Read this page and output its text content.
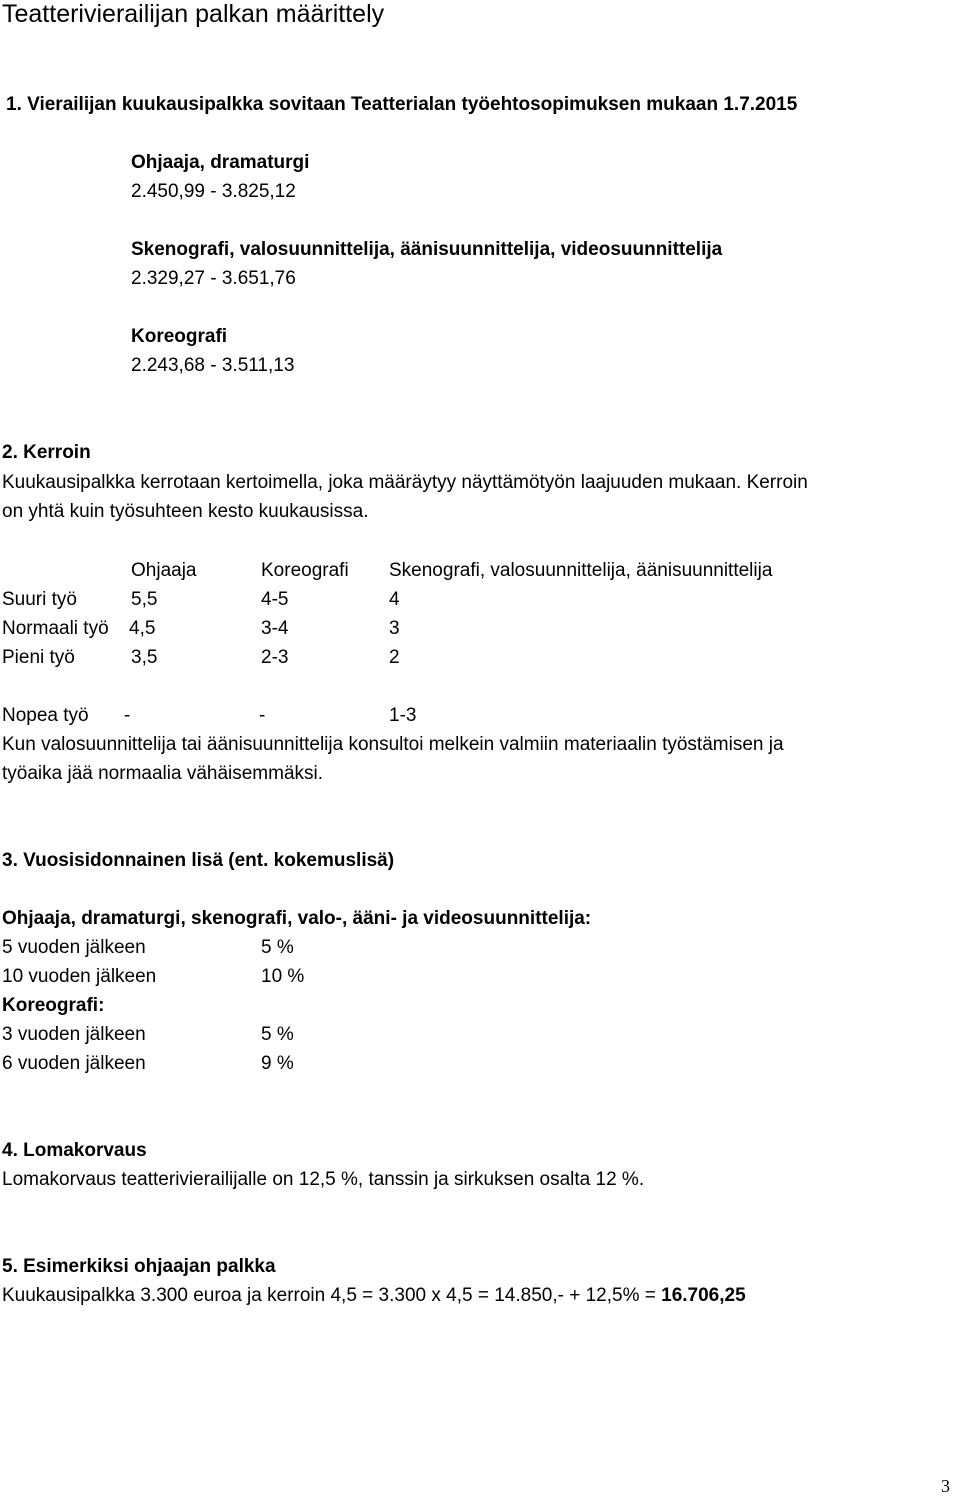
Teatterivierailijan palkan määrittely
1. Vierailijan kuukausipalkka sovitaan Teatterialan työehtosopimuksen mukaan 1.7.2015
Ohjaaja, dramaturgi
2.450,99 - 3.825,12
Skenografi, valosuunnittelija, äänisuunnittelija, videosuunnittelija
2.329,27 - 3.651,76
Koreografi
2.243,68 - 3.511,13
2. Kerroin
Kuukausipalkka kerrotaan kertoimella, joka määräytyy näyttämötyön laajuuden mukaan. Kerroin
on yhtä kuin työsuhteen kesto kuukausissa.
Ohjaaja	Koreografi Skenografi, valosuunnittelija, äänisuunnittelija
Suuri työ	5,5	4-5	4
Normaali työ 4,5	3-4	3
Pieni työ	3,5	2-3	2
Nopea työ -	-	1-3
Kun valosuunnittelija tai äänisuunnittelija konsultoi melkein valmiin materiaalin työstämisen ja
työaika jää normaalia vähäisemmäksi.
3. Vuosisidonnainen lisä (ent. kokemuslisä)
Ohjaaja, dramaturgi, skenografi, valo-, ääni- ja videosuunnittelija:
5 vuoden jälkeen	5 %
10 vuoden jälkeen	10 %
Koreografi:
3 vuoden jälkeen	5 %
6 vuoden jälkeen	9 %
4. Lomakorvaus
Lomakorvaus teatterivierailijalle on 12,5 %, tanssin ja sirkuksen osalta 12 %.
5. Esimerkiksi ohjaajan palkka
Kuukausipalkka 3.300 euroa ja kerroin 4,5 = 3.300 x 4,5 = 14.850,- + 12,5% = 16.706,25
3
